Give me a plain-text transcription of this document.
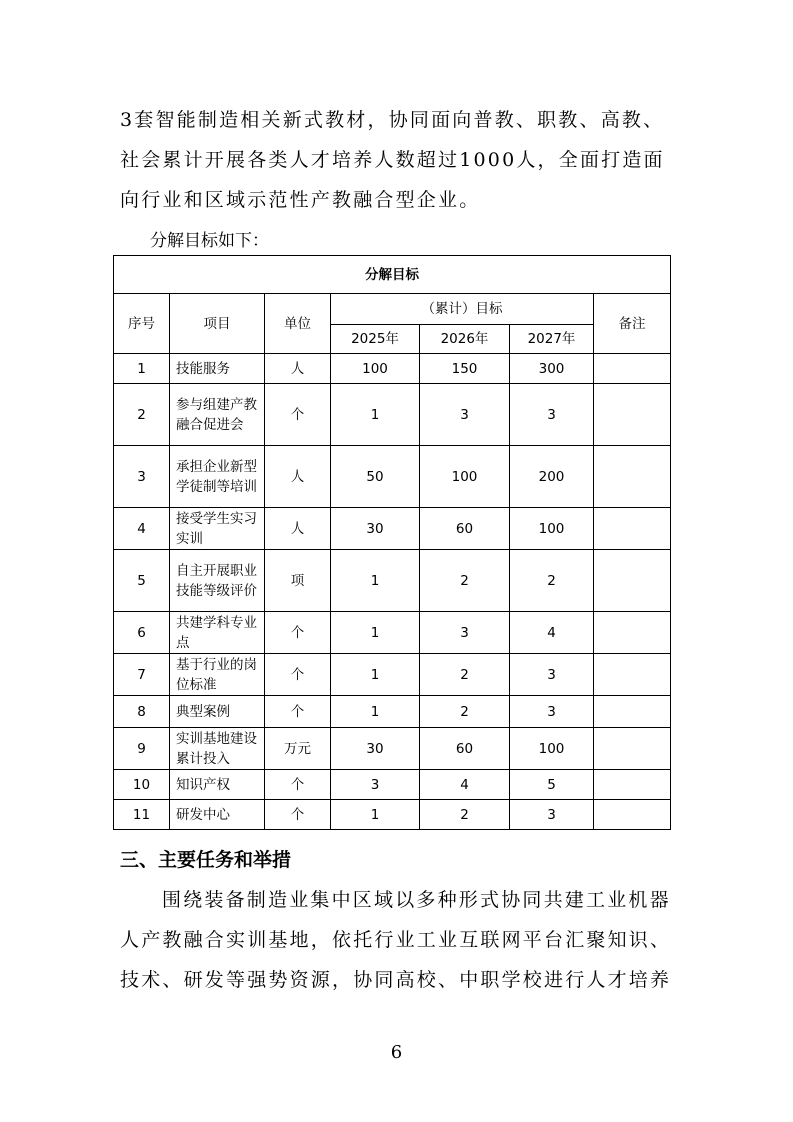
3套智能制造相关新式教材，协同面向普教、职教、高教、社会累计开展各类人才培养人数超过1000人，全面打造面向行业和区域示范性产教融合型企业。

分解目标如下：

分解目标						
序号	项目	单位	（累计）目标			备注
			2025年	2026年	2027年	
1	技能服务	人	100	150	300	
2	参与组建产教融合促进会	个	1	3	3	
3	承担企业新型学徒制等培训	人	50	100	200	
4	接受学生实习实训	人	30	60	100	
5	自主开展职业技能等级评价	项	1	2	2	
6	共建学科专业点	个	1	3	4	
7	基于行业的岗位标准	个	1	2	3	
8	典型案例	个	1	2	3	
9	实训基地建设累计投入	万元	30	60	100	
10	知识产权	个	3	4	5	
11	研发中心	个	1	2	3	

三、主要任务和举措

围绕装备制造业集中区域以多种形式协同共建工业机器人产教融合实训基地，依托行业工业互联网平台汇聚知识、技术、研发等强势资源，协同高校、中职学校进行人才培养

6
